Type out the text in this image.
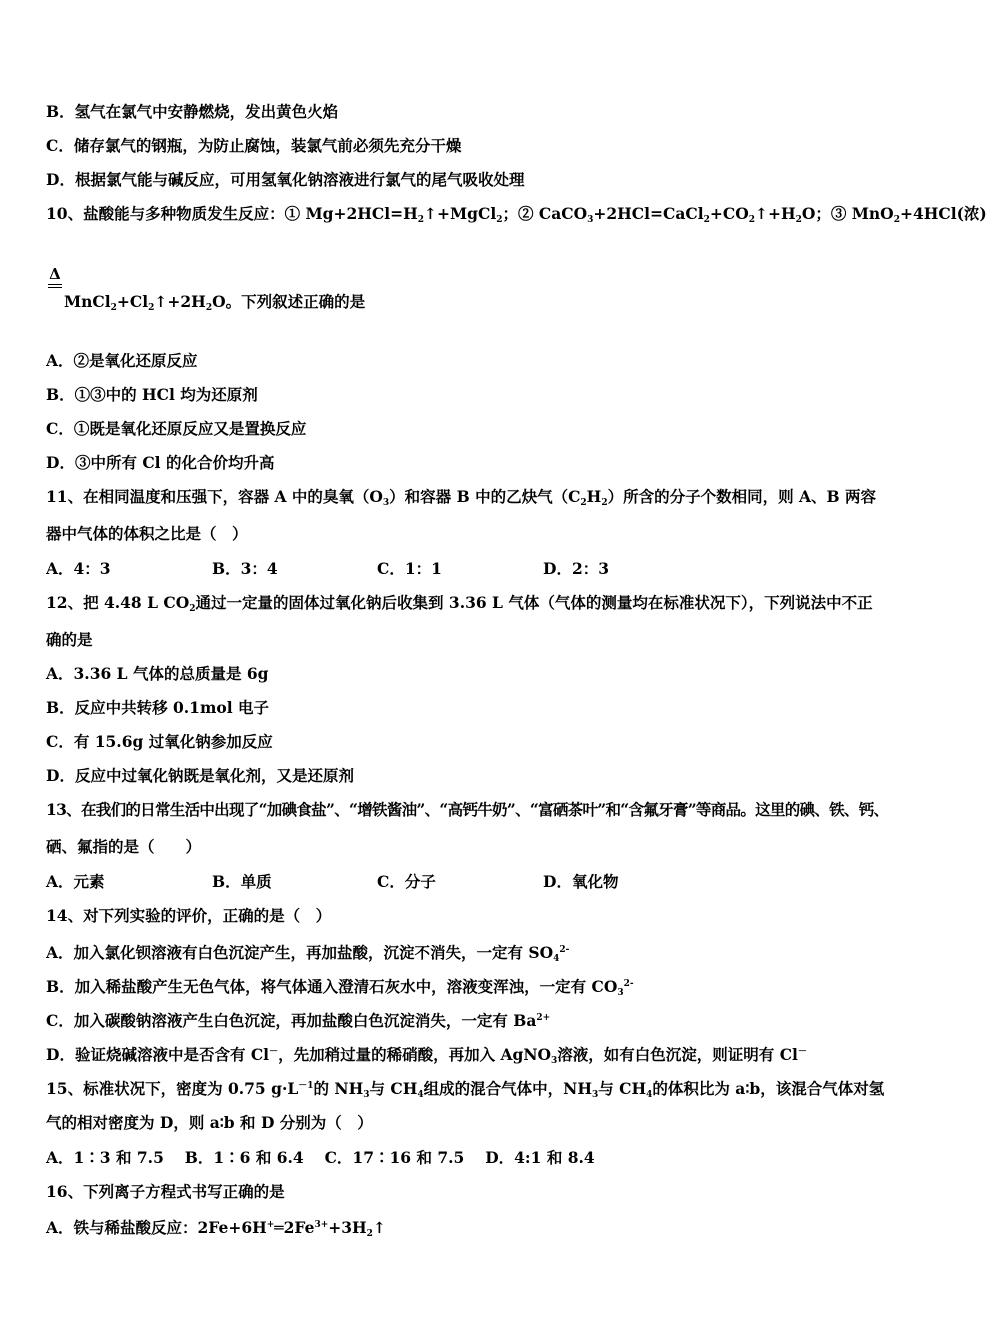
B．氢气在氯气中安静燃烧，发出黄色火焰
C．储存氯气的钢瓶，为防止腐蚀，装氯气前必须先充分干燥
D．根据氯气能与碱反应，可用氢氧化钠溶液进行氯气的尾气吸收处理
10、盐酸能与多种物质发生反应：① $Mg+2HCl=H_2↑+MgCl_2$；② $CaCO_3+2HCl=CaCl_2+CO_2↑+H_2O$；③ MnO$_2$+4HCl(浓)
Δ
$MnCl_2+Cl_2↑+2H_2O$。下列叙述正确的是
A．②是氧化还原反应
B．①③中的 HCl 均为还原剂
C．①既是氧化还原反应又是置换反应
D．③中所有 Cl 的化合价均升高
11、在相同温度和压强下，容器 A 中的臭氧$(O_3)$和容器 B 中的乙炔气$(C_2H_2)$所含的分子个数相同，则 A、B 两容
器中气体的体积之比是（　）
A．4：3	B．3：4	C．1：1	D．2：3
12、把 4.48 L $CO_2$通过一定量的固体过氧化钠后收集到 3.36 L 气体（气体的测量均在标准状况下），下列说法中不正
确的是
A．3.36 L 气体的总质量是 6g
B．反应中共转移 0.1mol 电子
C．有 15.6g 过氧化钠参加反应
D．反应中过氧化钠既是氧化剂，又是还原剂
13、在我们的日常生活中出现了“加碘食盐”、“增铁酱油”、“高钙牛奶”、“富硒茶叶”和“含氟牙膏”等商品。这里的碘、铁、钙、
硒、氟指的是（　　）
A．元素	B．单质	C．分子	D．氧化物
14、对下列实验的评价，正确的是（　）
A．加入氯化钡溶液有白色沉淀产生，再加盐酸，沉淀不消失，一定有 $SO_4^{2-}$
B．加入稀盐酸产生无色气体，将气体通入澄清石灰水中，溶液变浑浊，一定有 $CO_3^{2-}$
C．加入碳酸钠溶液产生白色沉淀，再加盐酸白色沉淀消失，一定有 $Ba^{2+}$
D．验证烧碱溶液中是否含有 Cl－，先加稍过量的稀硝酸，再加入 AgNO$_3$溶液，如有白色沉淀，则证明有 Cl－
15、标准状况下，密度为 0.75 $g\cdot L^{-1}$的 $NH_3$与 $CH_4$组成的混合气体中，$NH_3$与 $CH_4$的体积比为 a∶b，该混合气体对氢
气的相对密度为 D，则 a∶b 和 D 分别为（　）
A．1∶3 和 7.5　 B．1∶6 和 6.4　 C．17∶16 和 7.5　 D．4:1 和 8.4
16、下列离子方程式书写正确的是
A．铁与稀盐酸反应：$2Fe+6H^+═2Fe^{3+}+3H_2↑$
